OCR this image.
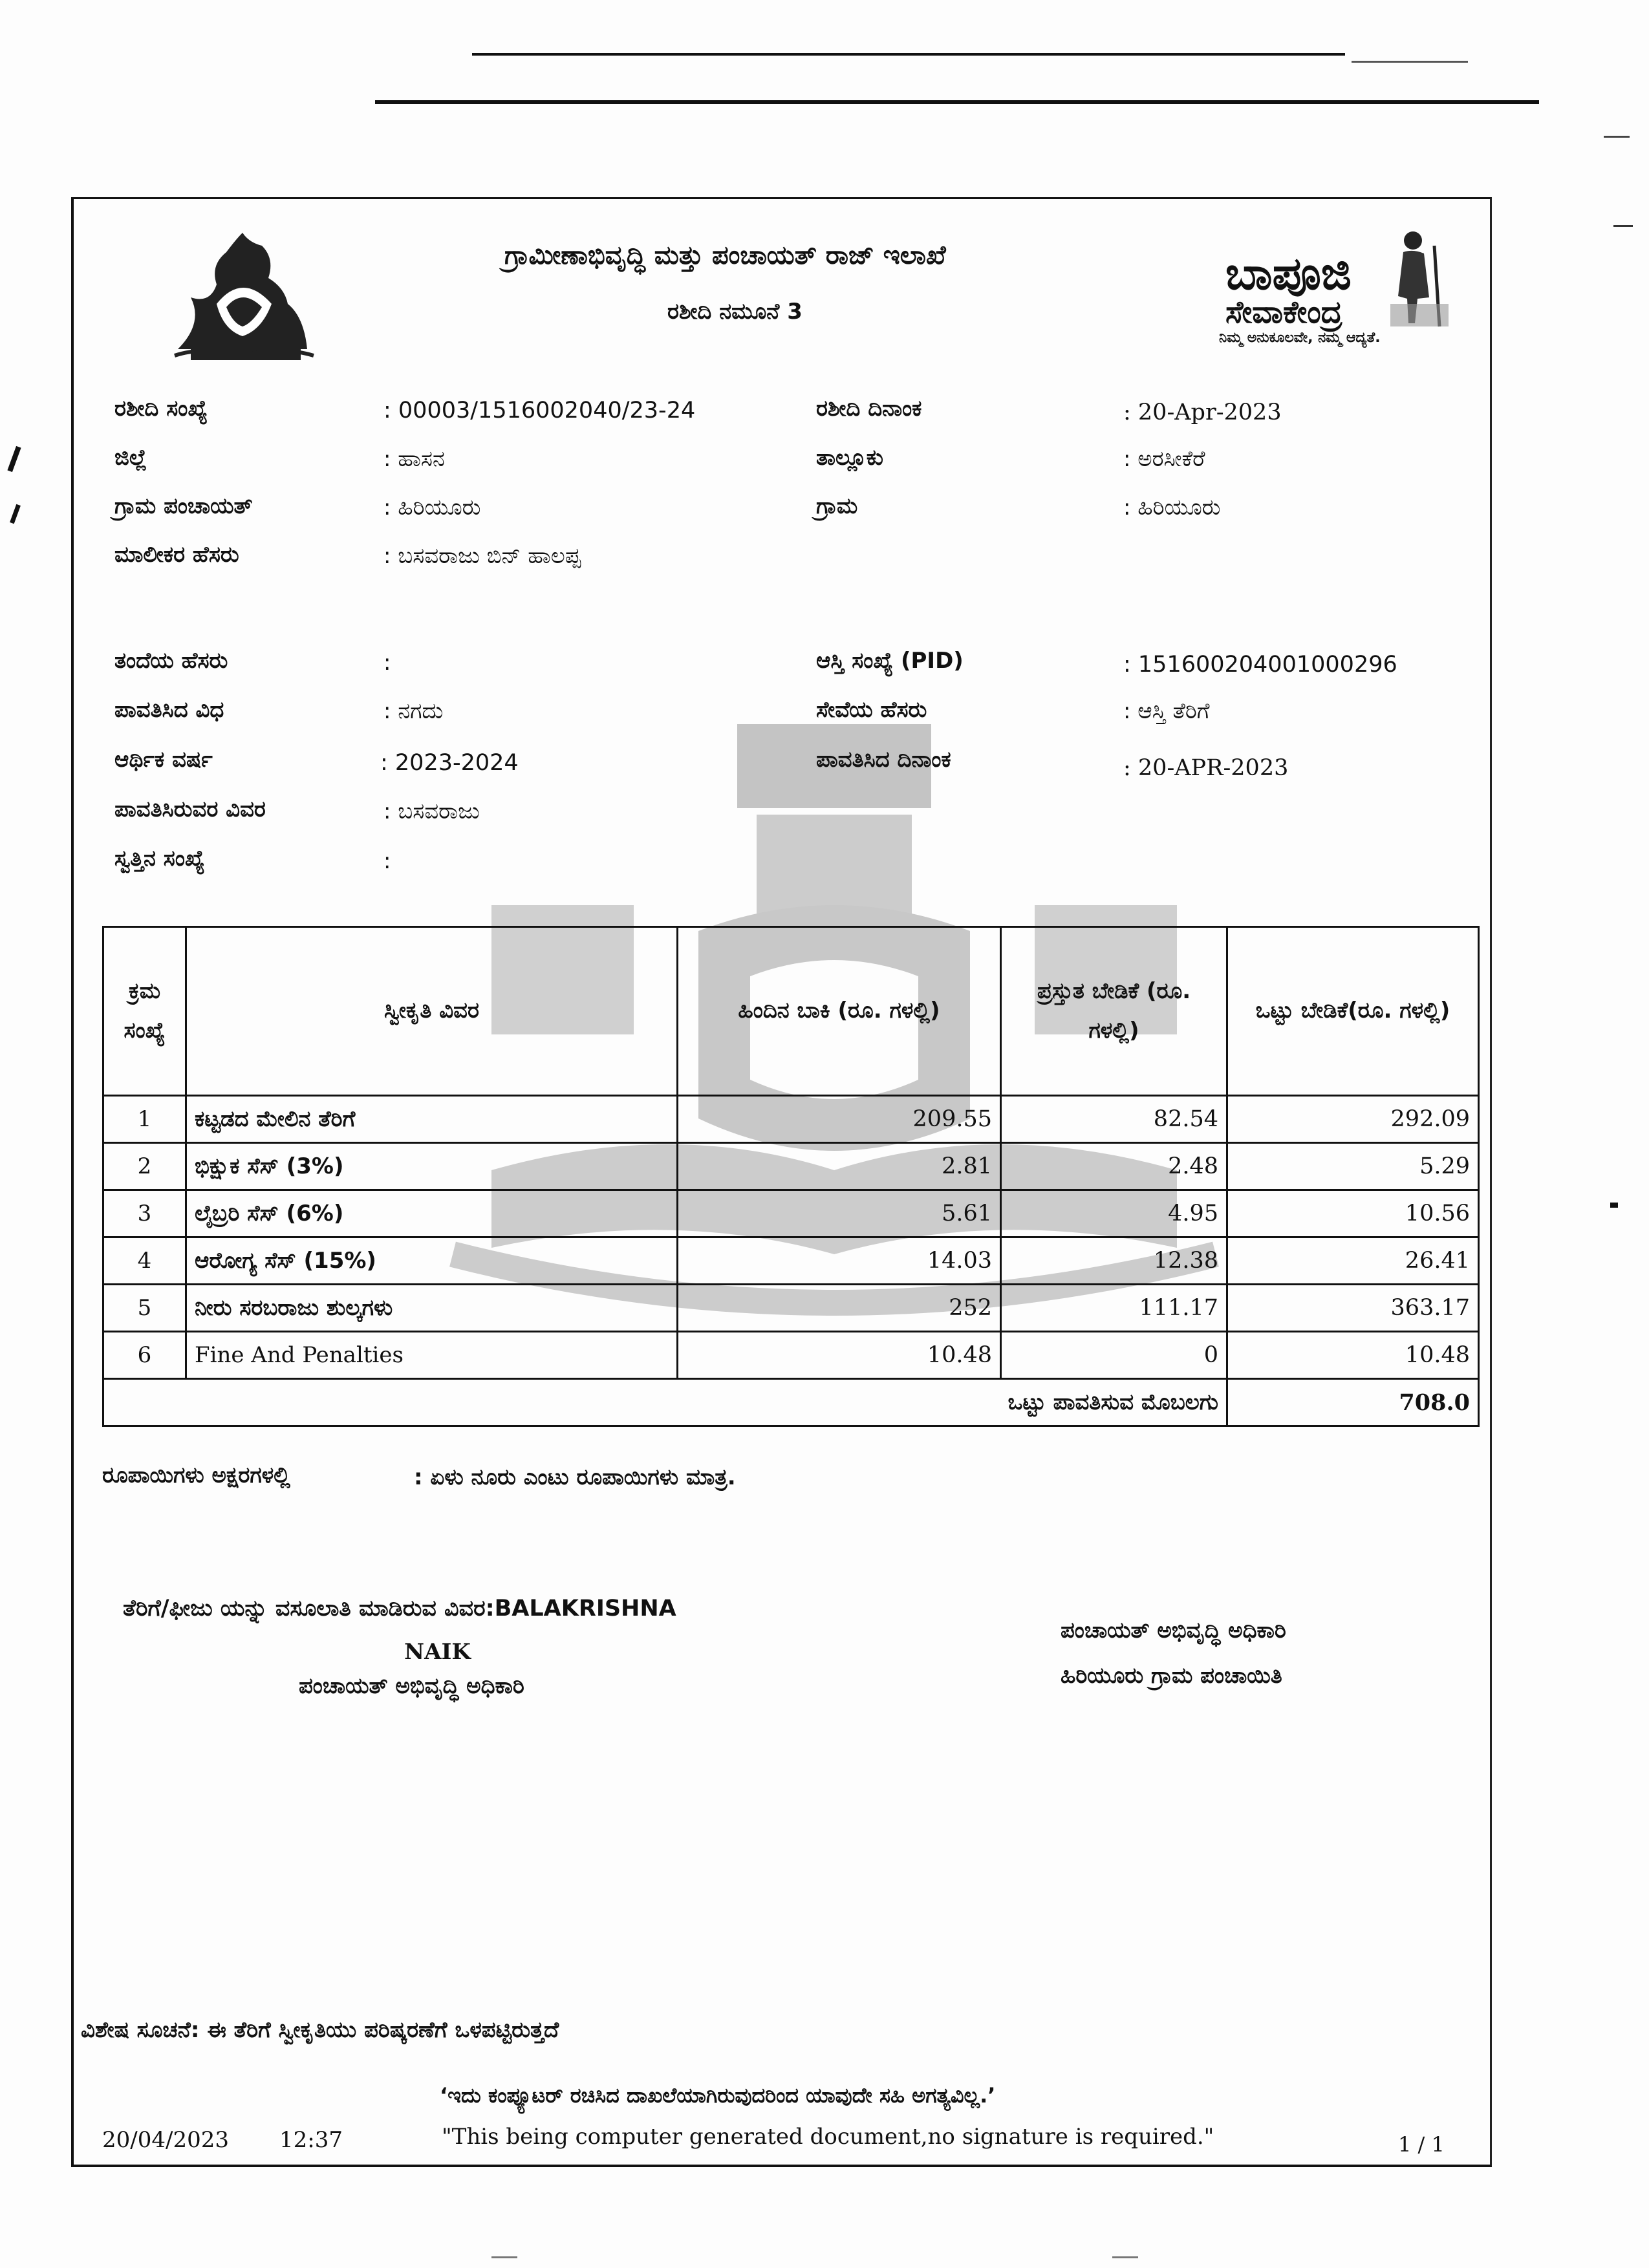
ಬಾಪೂಜಿ
ಸೇವಾಕೇಂದ್ರ
ನಿಮ್ಮ ಅನುಕೂಲವೇ, ನಮ್ಮ ಆದ್ಯತೆ.
ಗ್ರಾಮೀಣಾಭಿವೃದ್ಧಿ ಮತ್ತು ಪಂಚಾಯತ್ ರಾಜ್ ಇಲಾಖೆ
ರಶೀದಿ ನಮೂನೆ 3
ರಶೀದಿ ಸಂಖ್ಯೆ	: 00003/1516002040/23-24	ರಶೀದಿ ದಿನಾಂಕ	: 20-Apr-2023
ಜಿಲ್ಲೆ	: ಹಾಸನ	ತಾಲ್ಲೂಕು	: ಅರಸೀಕೆರೆ
ಗ್ರಾಮ ಪಂಚಾಯತ್	: ಹಿರಿಯೂರು	ಗ್ರಾಮ	: ಹಿರಿಯೂರು
ಮಾಲೀಕರ ಹೆಸರು	: ಬಸವರಾಜು ಬಿನ್ ಹಾಲಪ್ಪ
ತಂದೆಯ ಹೆಸರು	:	ಆಸ್ತಿ ಸಂಖ್ಯೆ (PID)	: 151600204001000296
ಪಾವತಿಸಿದ ವಿಧ	: ನಗದು	ಸೇವೆಯ ಹೆಸರು	: ಆಸ್ತಿ ತೆರಿಗೆ
ಆರ್ಥಿಕ ವರ್ಷ	: 2023-2024	ಪಾವತಿಸಿದ ದಿನಾಂಕ	: 20-APR-2023
ಪಾವತಿಸಿರುವರ ವಿವರ	: ಬಸವರಾಜು
ಸ್ವತ್ತಿನ ಸಂಖ್ಯೆ	:
ಕ್ರಮ ಸಂಖ್ಯೆ	ಸ್ವೀಕೃತಿ ವಿವರ	ಹಿಂದಿನ ಬಾಕಿ (ರೂ. ಗಳಲ್ಲಿ)	ಪ್ರಸ್ತುತ ಬೇಡಿಕೆ (ರೂ. ಗಳಲ್ಲಿ)	ಒಟ್ಟು ಬೇಡಿಕೆ(ರೂ. ಗಳಲ್ಲಿ)
1	ಕಟ್ಟಡದ ಮೇಲಿನ ತೆರಿಗೆ	209.55	82.54	292.09
2	ಭಿಕ್ಷುಕ ಸೆಸ್ (3%)	2.81	2.48	5.29
3	ಲೈಬ್ರರಿ ಸೆಸ್ (6%)	5.61	4.95	10.56
4	ಆರೋಗ್ಯ ಸೆಸ್ (15%)	14.03	12.38	26.41
5	ನೀರು ಸರಬರಾಜು ಶುಲ್ಕಗಳು	252	111.17	363.17
6	Fine And Penalties	10.48	0	10.48
ಒಟ್ಟು ಪಾವತಿಸುವ ಮೊಬಲಗು				708.0
ರೂಪಾಯಿಗಳು ಅಕ್ಷರಗಳಲ್ಲಿ	: ಏಳು ನೂರು ಎಂಟು ರೂಪಾಯಿಗಳು ಮಾತ್ರ.
ತೆರಿಗೆ/ಫೀಜು ಯನ್ನು ವಸೂಲಾತಿ ಮಾಡಿರುವ ವಿವರ:BALAKRISHNA
NAIK
ಪಂಚಾಯತ್ ಅಭಿವೃದ್ಧಿ ಅಧಿಕಾರಿ
ಪಂಚಾಯತ್ ಅಭಿವೃದ್ಧಿ ಅಧಿಕಾರಿ
ಹಿರಿಯೂರು ಗ್ರಾಮ ಪಂಚಾಯಿತಿ
ವಿಶೇಷ ಸೂಚನೆ: ಈ ತೆರಿಗೆ ಸ್ವೀಕೃತಿಯು ಪರಿಷ್ಕರಣೆಗೆ ಒಳಪಟ್ಟಿರುತ್ತದೆ
‘ಇದು ಕಂಪ್ಯೂಟರ್ ರಚಿಸಿದ ದಾಖಲೆಯಾಗಿರುವುದರಿಂದ ಯಾವುದೇ ಸಹಿ ಅಗತ್ಯವಿಲ್ಲ.’
20/04/2023 12:37	"This being computer generated document,no signature is required."	1 / 1
